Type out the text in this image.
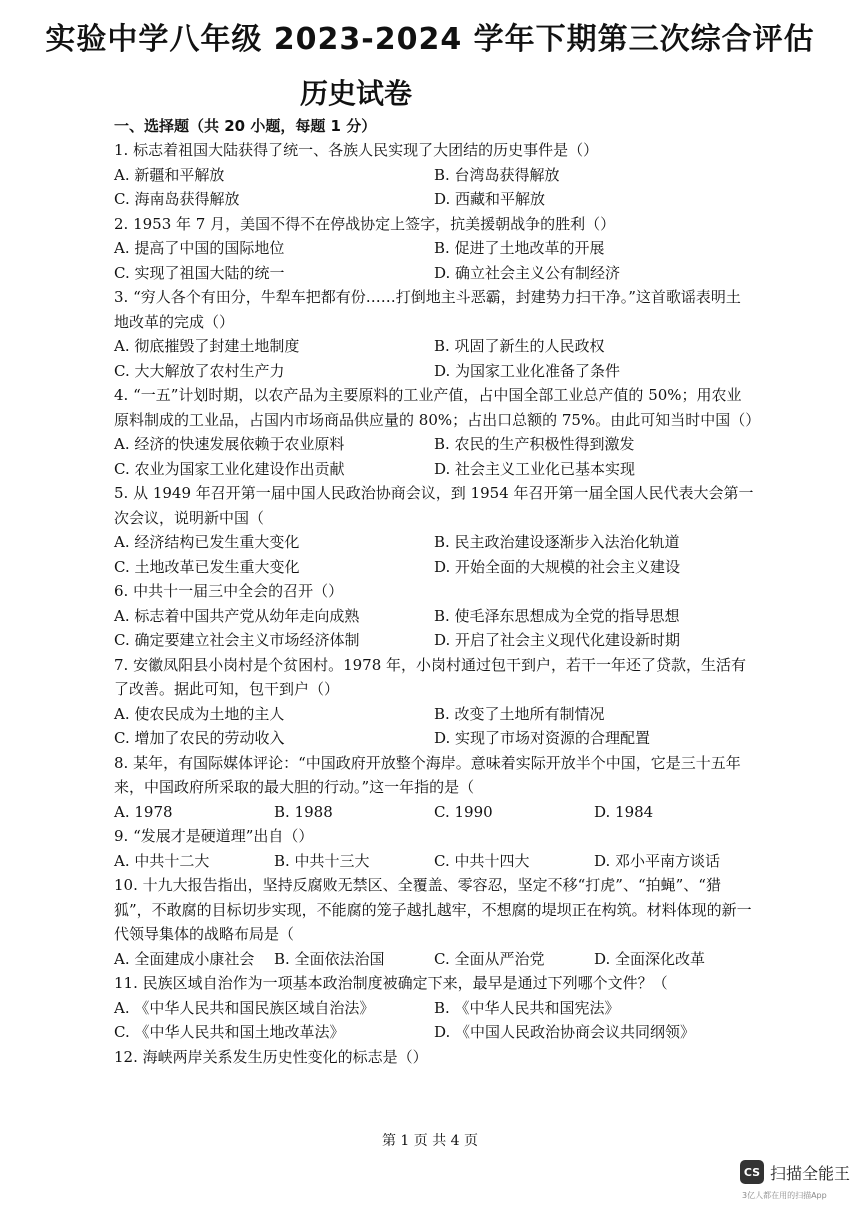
实验中学八年级 2023-2024 学年下期第三次综合评估
历史试卷
一、选择题（共 20 小题，每题 1 分）
1. 标志着祖国大陆获得了统一、各族人民实现了大团结的历史事件是（）
A. 新疆和平解放	B. 台湾岛获得解放
C. 海南岛获得解放	D. 西藏和平解放
2. 1953 年 7 月，美国不得不在停战协定上签字，抗美援朝战争的胜利（）
A. 提高了中国的国际地位	B. 促进了土地改革的开展
C. 实现了祖国大陆的统一	D. 确立社会主义公有制经济
3. “穷人各个有田分，牛犁车把都有份……打倒地主斗恶霸，封建势力扫干净。”这首歌谣表明土地改革的完成（）
A. 彻底摧毁了封建土地制度	B. 巩固了新生的人民政权
C. 大大解放了农村生产力	D. 为国家工业化准备了条件
4. “一五”计划时期，以农产品为主要原料的工业产值，占中国全部工业总产值的 50%；用农业原料制成的工业品，占国内市场商品供应量的 80%；占出口总额的 75%。由此可知当时中国（）
A. 经济的快速发展依赖于农业原料	B. 农民的生产积极性得到激发
C. 农业为国家工业化建设作出贡献	D. 社会主义工业化已基本实现
5. 从 1949 年召开第一届中国人民政治协商会议，到 1954 年召开第一届全国人民代表大会第一次会议，说明新中国（
A. 经济结构已发生重大变化	B. 民主政治建设逐渐步入法治化轨道
C. 土地改革已发生重大变化	D. 开始全面的大规模的社会主义建设
6. 中共十一届三中全会的召开（）
A. 标志着中国共产党从幼年走向成熟	B. 使毛泽东思想成为全党的指导思想
C. 确定要建立社会主义市场经济体制	D. 开启了社会主义现代化建设新时期
7. 安徽凤阳县小岗村是个贫困村。1978 年，小岗村通过包干到户，若干一年还了贷款，生活有了改善。据此可知，包干到户（）
A. 使农民成为土地的主人	B. 改变了土地所有制情况
C. 增加了农民的劳动收入	D. 实现了市场对资源的合理配置
8. 某年，有国际媒体评论：“中国政府开放整个海岸。意味着实际开放半个中国，它是三十五年来，中国政府所采取的最大胆的行动。”这一年指的是（
A. 1978	B. 1988	C. 1990	D. 1984
9. “发展才是硬道理”出自（）
A. 中共十二大	B. 中共十三大	C. 中共十四大	D. 邓小平南方谈话
10. 十九大报告指出，坚持反腐败无禁区、全覆盖、零容忍，坚定不移“打虎”、“拍蝇”、“猎狐”，不敢腐的目标切步实现，不能腐的笼子越扎越牢，不想腐的堤坝正在构筑。材料体现的新一代领导集体的战略布局是（
A. 全面建成小康社会	B. 全面依法治国	C. 全面从严治党	D. 全面深化改革
11. 民族区域自治作为一项基本政治制度被确定下来，最早是通过下列哪个文件？（
A. 《中华人民共和国民族区域自治法》	B. 《中华人民共和国宪法》
C. 《中华人民共和国土地改革法》	D. 《中国人民政治协商会议共同纲领》
12. 海峡两岸关系发生历史性变化的标志是（）
第 1 页 共 4 页
CS 扫描全能王
3亿人都在用的扫描App
